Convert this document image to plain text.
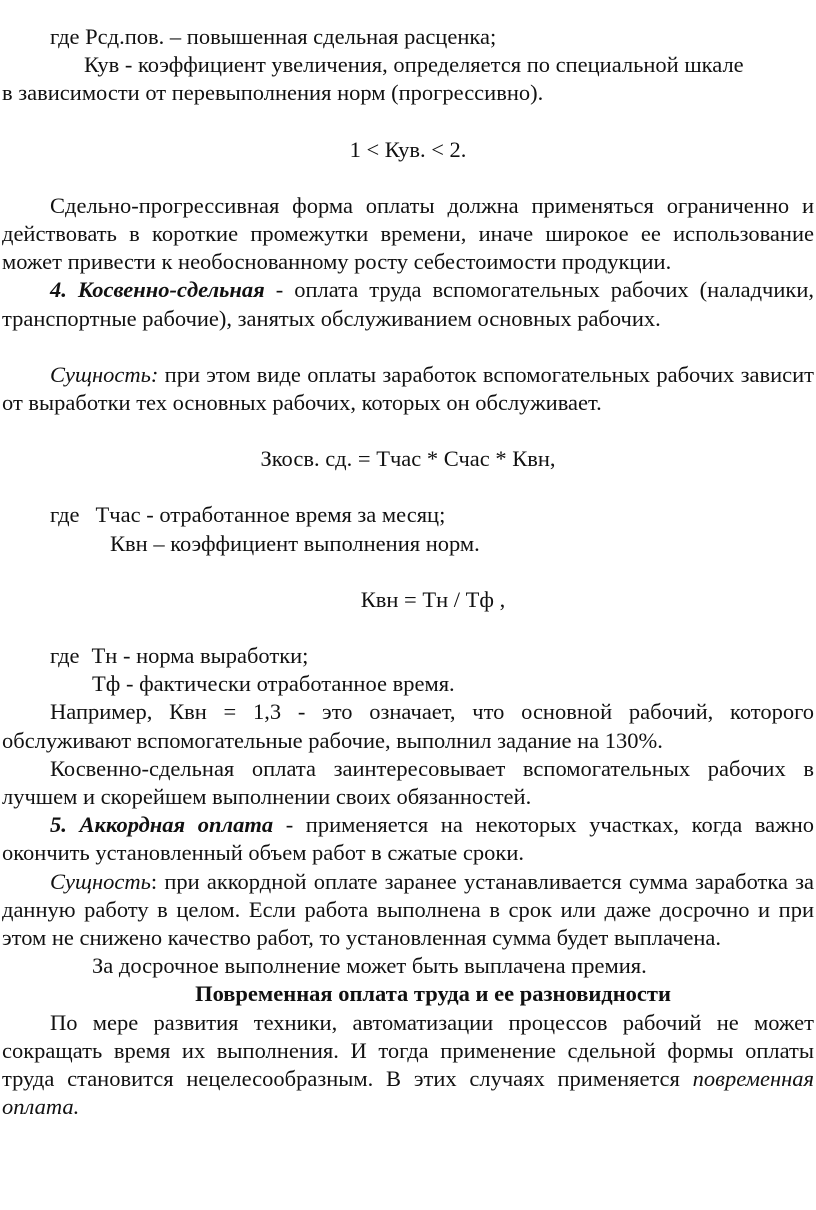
где Рсд.пов. – повышенная сдельная расценка;

Кув - коэффициент увеличения, определяется по специальной шкале

в зависимости от перевыполнения норм (прогрессивно).

1 < Кув. < 2.

Сдельно-прогрессивная форма оплаты должна применяться ограниченно и действовать в короткие промежутки времени, иначе широкое ее использование может привести к необоснованному росту себестоимости продукции.

4. Косвенно-сдельная - оплата труда вспомогательных рабочих (наладчики, транспортные рабочие), занятых обслуживанием основных рабочих.

Сущность: при этом виде оплаты заработок вспомогательных рабочих зависит от выработки тех основных рабочих, которых он обслуживает.

Зкосв. сд. = Тчас * Счас * Квн,

где Тчас - отработанное время за месяц;

Квн – коэффициент выполнения норм.

Квн = Тн / Тф ,

где Тн - норма выработки;

Тф - фактически отработанное время.

Например, Квн = 1,3 - это означает, что основной рабочий, которого обслуживают вспомогательные рабочие, выполнил задание на 130%.

Косвенно-сдельная оплата заинтересовывает вспомогательных рабочих в лучшем и скорейшем выполнении своих обязанностей.

5. Аккордная оплата - применяется на некоторых участках, когда важно окончить установленный объем работ в сжатые сроки.

Сущность: при аккордной оплате заранее устанавливается сумма заработка за данную работу в целом. Если работа выполнена в срок или даже досрочно и при этом не снижено качество работ, то установленная сумма будет выплачена.

За досрочное выполнение может быть выплачена премия.

Повременная оплата труда и ее разновидности

По мере развития техники, автоматизации процессов рабочий не может сокращать время их выполнения. И тогда применение сдельной формы оплаты труда становится нецелесообразным. В этих случаях применяется повременная оплата.
